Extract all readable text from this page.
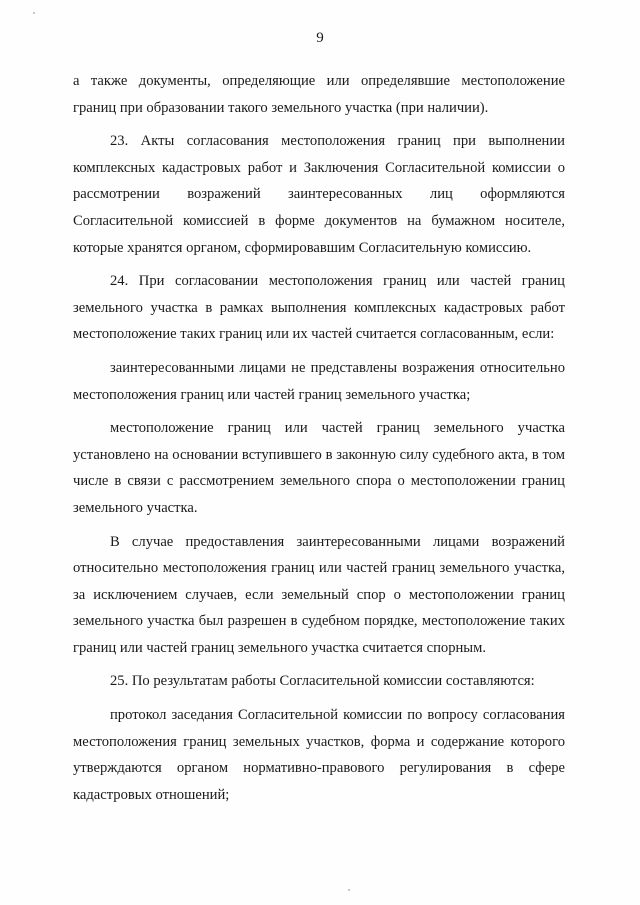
9

а также документы, определяющие или определявшие местоположение границ при образовании такого земельного участка (при наличии).

23. Акты согласования местоположения границ при выполнении комплексных кадастровых работ и Заключения Согласительной комиссии о рассмотрении возражений заинтересованных лиц оформляются Согласительной комиссией в форме документов на бумажном носителе, которые хранятся органом, сформировавшим Согласительную комиссию.

24. При согласовании местоположения границ или частей границ земельного участка в рамках выполнения комплексных кадастровых работ местоположение таких границ или их частей считается согласованным, если:

заинтересованными лицами не представлены возражения относительно местоположения границ или частей границ земельного участка;

местоположение границ или частей границ земельного участка установлено на основании вступившего в законную силу судебного акта, в том числе в связи с рассмотрением земельного спора о местоположении границ земельного участка.

В случае предоставления заинтересованными лицами возражений относительно местоположения границ или частей границ земельного участка, за исключением случаев, если земельный спор о местоположении границ земельного участка был разрешен в судебном порядке, местоположение таких границ или частей границ земельного участка считается спорным.

25. По результатам работы Согласительной комиссии составляются:

протокол заседания Согласительной комиссии по вопросу согласования местоположения границ земельных участков, форма и содержание которого утверждаются органом нормативно-правового регулирования в сфере кадастровых отношений;
